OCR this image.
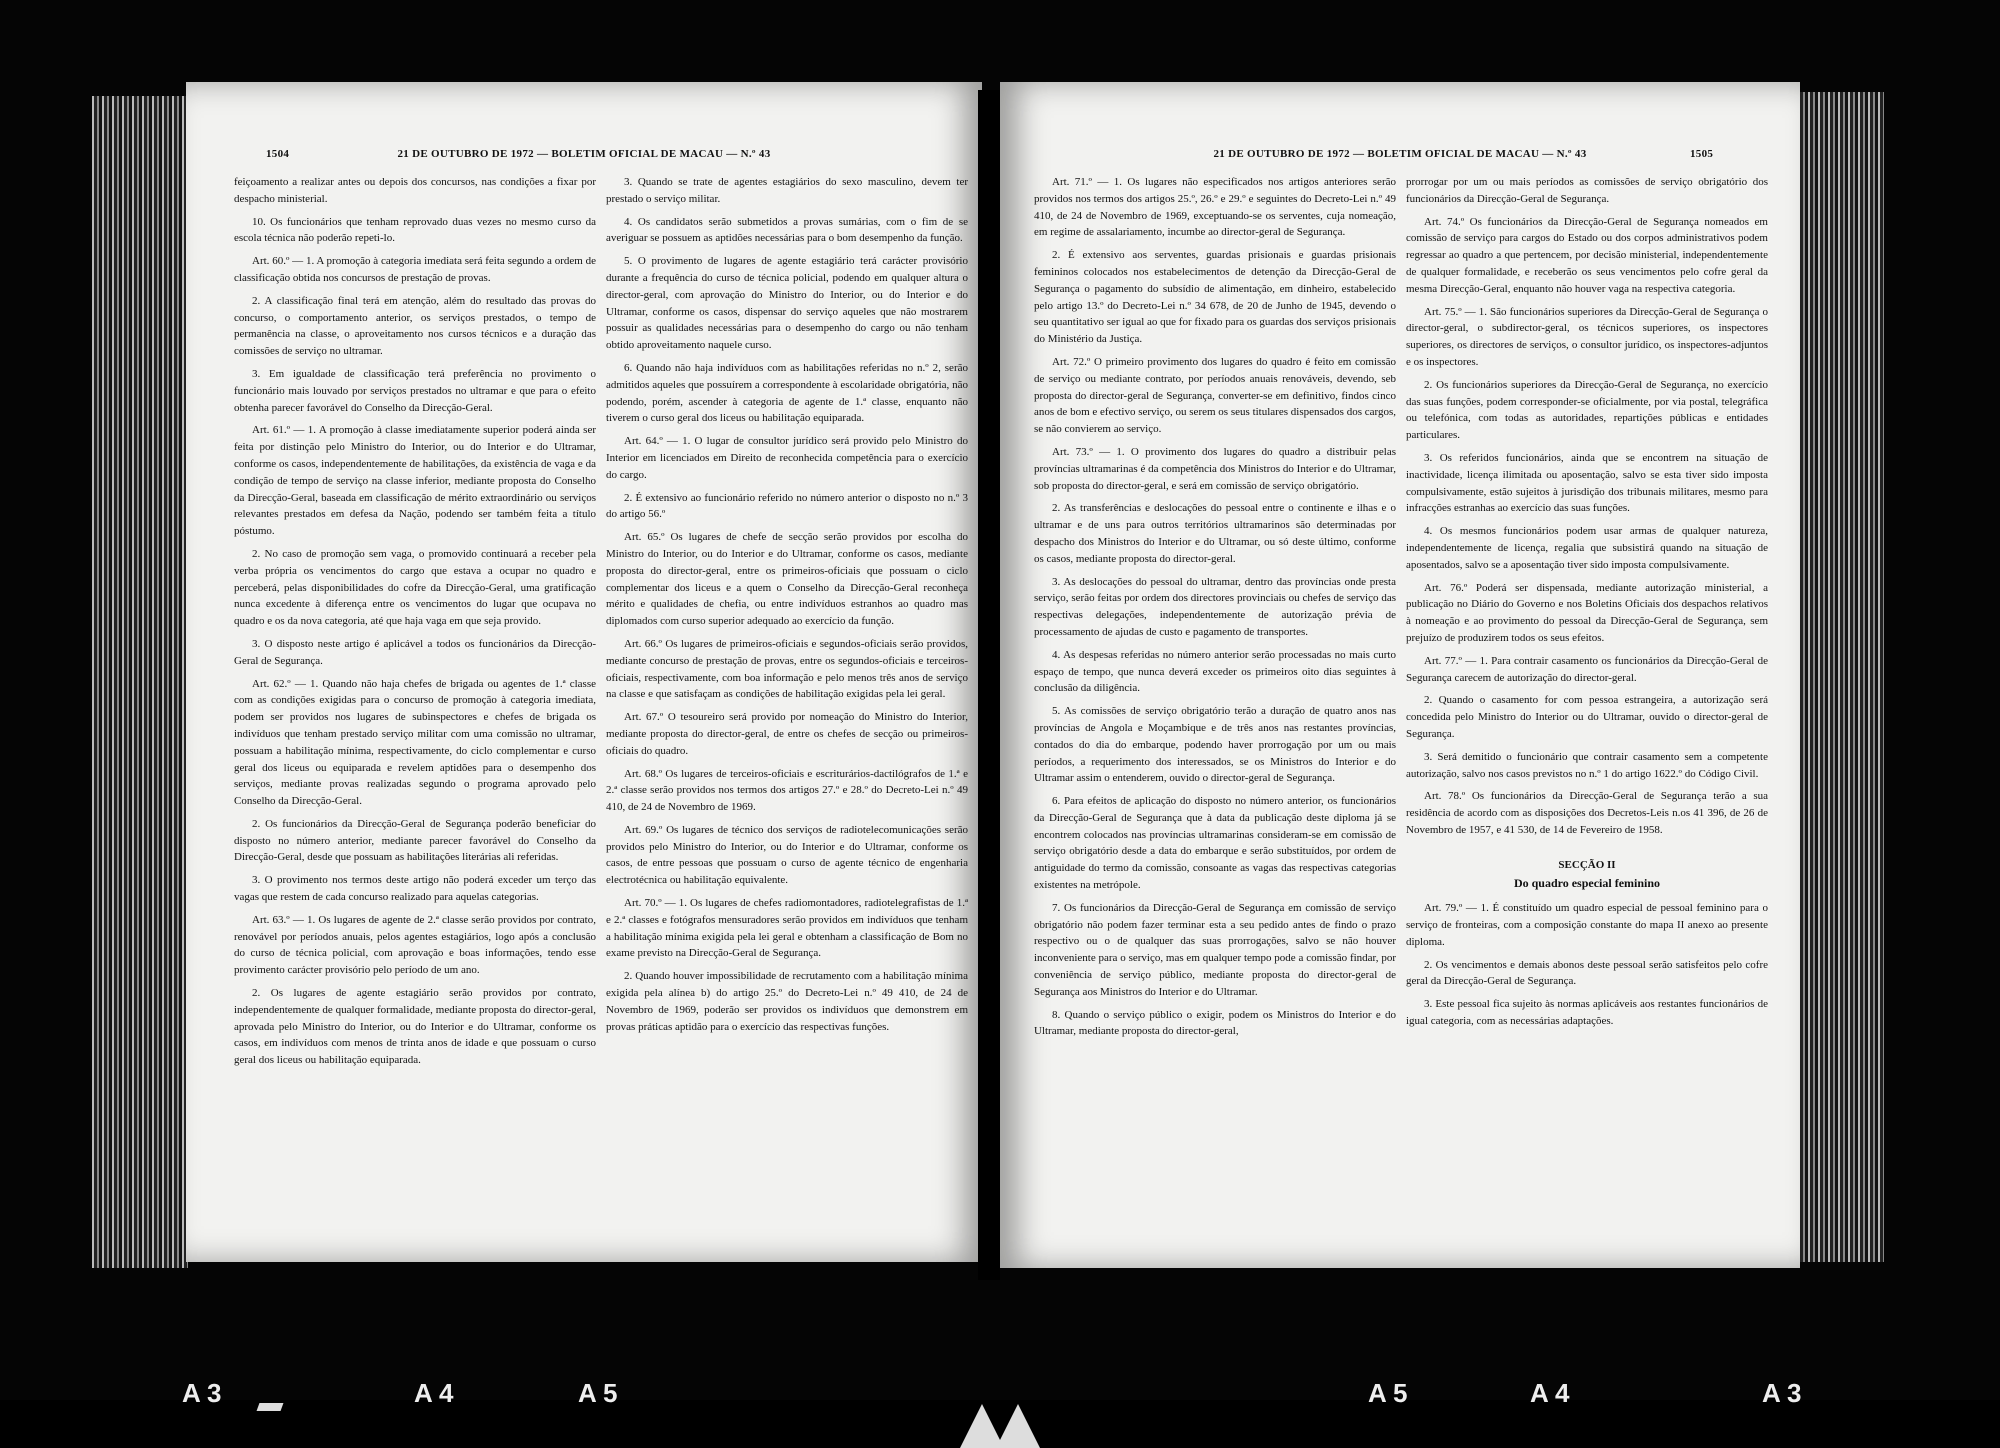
1504	21 DE OUTUBRO DE 1972 — BOLETIM OFICIAL DE MACAU — N.º 43

feiçoamento a realizar antes ou depois dos concursos, nas condições a fixar por despacho ministerial.

10. Os funcionários que tenham reprovado duas vezes no mesmo curso da escola técnica não poderão repeti-lo.

Art. 60.º — 1. A promoção à categoria imediata será feita segundo a ordem de classificação obtida nos concursos de prestação de provas.

2. A classificação final terá em atenção, além do resultado das provas do concurso, o comportamento anterior, os serviços prestados, o tempo de permanência na classe, o aproveitamento nos cursos técnicos e a duração das comissões de serviço no ultramar.

3. Em igualdade de classificação terá preferência no provimento o funcionário mais louvado por serviços prestados no ultramar e que para o efeito obtenha parecer favorável do Conselho da Direcção-Geral.

Art. 61.º — 1. A promoção à classe imediatamente superior poderá ainda ser feita por distinção pelo Ministro do Interior, ou do Interior e do Ultramar, conforme os casos, independentemente de habilitações, da existência de vaga e da condição de tempo de serviço na classe inferior, mediante proposta do Conselho da Direcção-Geral, baseada em classificação de mérito extraordinário ou serviços relevantes prestados em defesa da Nação, podendo ser também feita a título póstumo.

2. No caso de promoção sem vaga, o promovido continuará a receber pela verba própria os vencimentos do cargo que estava a ocupar no quadro e perceberá, pelas disponibilidades do cofre da Direcção-Geral, uma gratificação nunca excedente à diferença entre os vencimentos do lugar que ocupava no quadro e os da nova categoria, até que haja vaga em que seja provido.

3. O disposto neste artigo é aplicável a todos os funcionários da Direcção-Geral de Segurança.

Art. 62.º — 1. Quando não haja chefes de brigada ou agentes de 1.ª classe com as condições exigidas para o concurso de promoção à categoria imediata, podem ser providos nos lugares de subinspectores e chefes de brigada os indivíduos que tenham prestado serviço militar com uma comissão no ultramar, possuam a habilitação mínima, respectivamente, do ciclo complementar e curso geral dos liceus ou equiparada e revelem aptidões para o desempenho dos serviços, mediante provas realizadas segundo o programa aprovado pelo Conselho da Direcção-Geral.

2. Os funcionários da Direcção-Geral de Segurança poderão beneficiar do disposto no número anterior, mediante parecer favorável do Conselho da Direcção-Geral, desde que possuam as habilitações literárias ali referidas.

3. O provimento nos termos deste artigo não poderá exceder um terço das vagas que restem de cada concurso realizado para aquelas categorias.

Art. 63.º — 1. Os lugares de agente de 2.ª classe serão providos por contrato, renovável por períodos anuais, pelos agentes estagiários, logo após a conclusão do curso de técnica policial, com aprovação e boas informações, tendo esse provimento carácter provisório pelo período de um ano.

2. Os lugares de agente estagiário serão providos por contrato, independentemente de qualquer formalidade, mediante proposta do director-geral, aprovada pelo Ministro do Interior, ou do Interior e do Ultramar, conforme os casos, em indivíduos com menos de trinta anos de idade e que possuam o curso geral dos liceus ou habilitação equiparada.

3. Quando se trate de agentes estagiários do sexo masculino, devem ter prestado o serviço militar.

4. Os candidatos serão submetidos a provas sumárias, com o fim de se averiguar se possuem as aptidões necessárias para o bom desempenho da função.

5. O provimento de lugares de agente estagiário terá carácter provisório durante a frequência do curso de técnica policial, podendo em qualquer altura o director-geral, com aprovação do Ministro do Interior, ou do Interior e do Ultramar, conforme os casos, dispensar do serviço aqueles que não mostrarem possuir as qualidades necessárias para o desempenho do cargo ou não tenham obtido aproveitamento naquele curso.

6. Quando não haja indivíduos com as habilitações referidas no n.º 2, serão admitidos aqueles que possuírem a correspondente à escolaridade obrigatória, não podendo, porém, ascender à categoria de agente de 1.ª classe, enquanto não tiverem o curso geral dos liceus ou habilitação equiparada.

Art. 64.º — 1. O lugar de consultor jurídico será provido pelo Ministro do Interior em licenciados em Direito de reconhecida competência para o exercício do cargo.

2. É extensivo ao funcionário referido no número anterior o disposto no n.º 3 do artigo 56.º

Art. 65.º Os lugares de chefe de secção serão providos por escolha do Ministro do Interior, ou do Interior e do Ultramar, conforme os casos, mediante proposta do director-geral, entre os primeiros-oficiais que possuam o ciclo complementar dos liceus e a quem o Conselho da Direcção-Geral reconheça mérito e qualidades de chefia, ou entre indivíduos estranhos ao quadro mas diplomados com curso superior adequado ao exercício da função.

Art. 66.º Os lugares de primeiros-oficiais e segundos-oficiais serão providos, mediante concurso de prestação de provas, entre os segundos-oficiais e terceiros-oficiais, respectivamente, com boa informação e pelo menos três anos de serviço na classe e que satisfaçam as condições de habilitação exigidas pela lei geral.

Art. 67.º O tesoureiro será provido por nomeação do Ministro do Interior, mediante proposta do director-geral, de entre os chefes de secção ou primeiros-oficiais do quadro.

Art. 68.º Os lugares de terceiros-oficiais e escriturários-dactilógrafos de 1.ª e 2.ª classe serão providos nos termos dos artigos 27.º e 28.º do Decreto-Lei n.º 49 410, de 24 de Novembro de 1969.

Art. 69.º Os lugares de técnico dos serviços de radiotelecomunicações serão providos pelo Ministro do Interior, ou do Interior e do Ultramar, conforme os casos, de entre pessoas que possuam o curso de agente técnico de engenharia electrotécnica ou habilitação equivalente.

Art. 70.º — 1. Os lugares de chefes radiomontadores, radiotelegrafistas de 1.ª e 2.ª classes e fotógrafos mensuradores serão providos em indivíduos que tenham a habilitação mínima exigida pela lei geral e obtenham a classificação de Bom no exame previsto na Direcção-Geral de Segurança.

2. Quando houver impossibilidade de recrutamento com a habilitação mínima exigida pela alínea b) do artigo 25.º do Decreto-Lei n.º 49 410, de 24 de Novembro de 1969, poderão ser providos os indivíduos que demonstrem em provas práticas aptidão para o exercício das respectivas funções.

21 DE OUTUBRO DE 1972 — BOLETIM OFICIAL DE MACAU — N.º 43	1505

Art. 71.º — 1. Os lugares não especificados nos artigos anteriores serão providos nos termos dos artigos 25.º, 26.º e 29.º e seguintes do Decreto-Lei n.º 49 410, de 24 de Novembro de 1969, exceptuando-se os serventes, cuja nomeação, em regime de assalariamento, incumbe ao director-geral de Segurança.

2. É extensivo aos serventes, guardas prisionais e guardas prisionais femininos colocados nos estabelecimentos de detenção da Direcção-Geral de Segurança o pagamento do subsídio de alimentação, em dinheiro, estabelecido pelo artigo 13.º do Decreto-Lei n.º 34 678, de 20 de Junho de 1945, devendo o seu quantitativo ser igual ao que for fixado para os guardas dos serviços prisionais do Ministério da Justiça.

Art. 72.º O primeiro provimento dos lugares do quadro é feito em comissão de serviço ou mediante contrato, por períodos anuais renováveis, devendo, seb proposta do director-geral de Segurança, converter-se em definitivo, findos cinco anos de bom e efectivo serviço, ou serem os seus titulares dispensados dos cargos, se não convierem ao serviço.

Art. 73.º — 1. O provimento dos lugares do quadro a distribuir pelas províncias ultramarinas é da competência dos Ministros do Interior e do Ultramar, sob proposta do director-geral, e será em comissão de serviço obrigatório.

2. As transferências e deslocações do pessoal entre o continente e ilhas e o ultramar e de uns para outros territórios ultramarinos são determinadas por despacho dos Ministros do Interior e do Ultramar, ou só deste último, conforme os casos, mediante proposta do director-geral.

3. As deslocações do pessoal do ultramar, dentro das províncias onde presta serviço, serão feitas por ordem dos directores provinciais ou chefes de serviço das respectivas delegações, independentemente de autorização prévia de processamento de ajudas de custo e pagamento de transportes.

4. As despesas referidas no número anterior serão processadas no mais curto espaço de tempo, que nunca deverá exceder os primeiros oito dias seguintes à conclusão da diligência.

5. As comissões de serviço obrigatório terão a duração de quatro anos nas províncias de Angola e Moçambique e de três anos nas restantes províncias, contados do dia do embarque, podendo haver prorrogação por um ou mais períodos, a requerimento dos interessados, se os Ministros do Interior e do Ultramar assim o entenderem, ouvido o director-geral de Segurança.

6. Para efeitos de aplicação do disposto no número anterior, os funcionários da Direcção-Geral de Segurança que à data da publicação deste diploma já se encontrem colocados nas províncias ultramarinas consideram-se em comissão de serviço obrigatório desde a data do embarque e serão substituídos, por ordem de antiguidade do termo da comissão, consoante as vagas das respectivas categorias existentes na metrópole.

7. Os funcionários da Direcção-Geral de Segurança em comissão de serviço obrigatório não podem fazer terminar esta a seu pedido antes de findo o prazo respectivo ou o de qualquer das suas prorrogações, salvo se não houver inconveniente para o serviço, mas em qualquer tempo pode a comissão findar, por conveniência de serviço público, mediante proposta do director-geral de Segurança aos Ministros do Interior e do Ultramar.

8. Quando o serviço público o exigir, podem os Ministros do Interior e do Ultramar, mediante proposta do director-geral,

prorrogar por um ou mais períodos as comissões de serviço obrigatório dos funcionários da Direcção-Geral de Segurança.

Art. 74.º Os funcionários da Direcção-Geral de Segurança nomeados em comissão de serviço para cargos do Estado ou dos corpos administrativos podem regressar ao quadro a que pertencem, por decisão ministerial, independentemente de qualquer formalidade, e receberão os seus vencimentos pelo cofre geral da mesma Direcção-Geral, enquanto não houver vaga na respectiva categoria.

Art. 75.º — 1. São funcionários superiores da Direcção-Geral de Segurança o director-geral, o subdirector-geral, os técnicos superiores, os inspectores superiores, os directores de serviços, o consultor jurídico, os inspectores-adjuntos e os inspectores.

2. Os funcionários superiores da Direcção-Geral de Segurança, no exercício das suas funções, podem corresponder-se oficialmente, por via postal, telegráfica ou telefónica, com todas as autoridades, repartições públicas e entidades particulares.

3. Os referidos funcionários, ainda que se encontrem na situação de inactividade, licença ilimitada ou aposentação, salvo se esta tiver sido imposta compulsivamente, estão sujeitos à jurisdição dos tribunais militares, mesmo para infracções estranhas ao exercício das suas funções.

4. Os mesmos funcionários podem usar armas de qualquer natureza, independentemente de licença, regalia que subsistirá quando na situação de aposentados, salvo se a aposentação tiver sido imposta compulsivamente.

Art. 76.º Poderá ser dispensada, mediante autorização ministerial, a publicação no Diário do Governo e nos Boletins Oficiais dos despachos relativos à nomeação e ao provimento do pessoal da Direcção-Geral de Segurança, sem prejuízo de produzirem todos os seus efeitos.

Art. 77.º — 1. Para contrair casamento os funcionários da Direcção-Geral de Segurança carecem de autorização do director-geral.

2. Quando o casamento for com pessoa estrangeira, a autorização será concedida pelo Ministro do Interior ou do Ultramar, ouvido o director-geral de Segurança.

3. Será demitido o funcionário que contrair casamento sem a competente autorização, salvo nos casos previstos no n.º 1 do artigo 1622.º do Código Civil.

Art. 78.º Os funcionários da Direcção-Geral de Segurança terão a sua residência de acordo com as disposições dos Decretos-Leis n.os 41 396, de 26 de Novembro de 1957, e 41 530, de 14 de Fevereiro de 1958.

SECÇÃO II
Do quadro especial feminino

Art. 79.º — 1. É constituído um quadro especial de pessoal feminino para o serviço de fronteiras, com a composição constante do mapa II anexo ao presente diploma.

2. Os vencimentos e demais abonos deste pessoal serão satisfeitos pelo cofre geral da Direcção-Geral de Segurança.

3. Este pessoal fica sujeito às normas aplicáveis aos restantes funcionários de igual categoria, com as necessárias adaptações.

A 3	A 4	A 5	A 5	A 4	A 3
